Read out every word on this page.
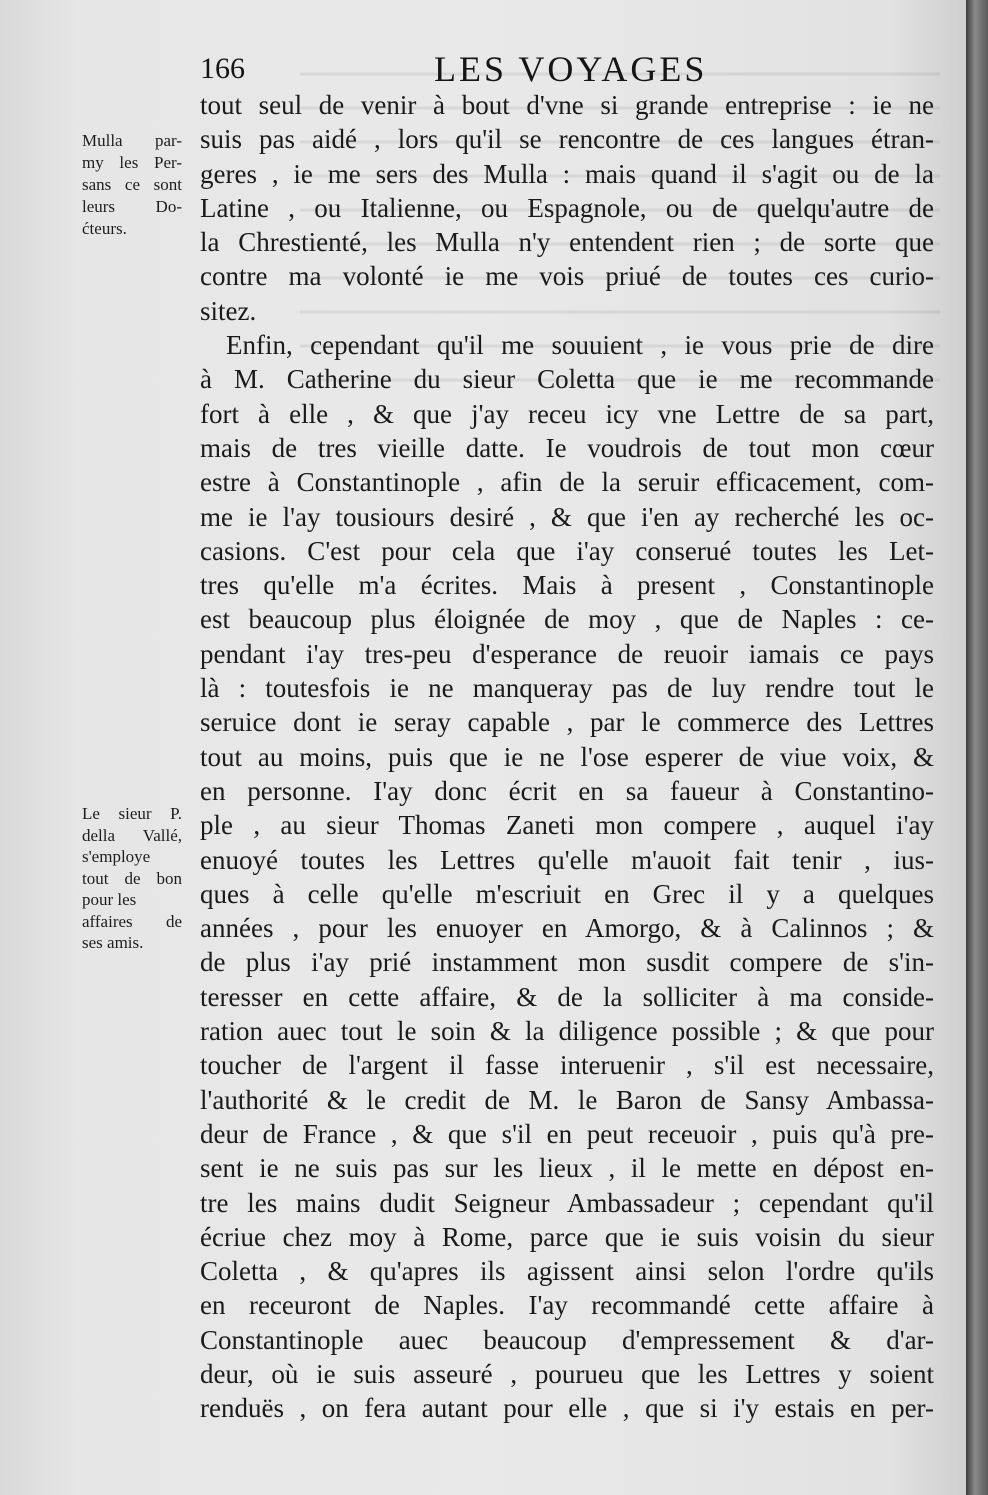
166	LES VOYAGES
Mulla par-
my les Per-
sans ce sont
leurs Do-
ćteurs.
Le sieur P.
della Vallé,
s'employe
tout de bon
pour les
affaires de
ses amis.
tout seul de venir à bout d'vne si grande entreprise : ie ne
suis pas aidé , lors qu'il se rencontre de ces langues étran-
geres , ie me sers des Mulla : mais quand il s'agit ou de la
Latine , ou Italienne, ou Espagnole, ou de quelqu'autre de
la Chrestienté, les Mulla n'y entendent rien ; de sorte que
contre ma volonté ie me vois priué de toutes ces curio-
sitez.
Enfin, cependant qu'il me souuient , ie vous prie de dire
à M. Catherine du sieur Coletta que ie me recommande
fort à elle , & que j'ay receu icy vne Lettre de sa part,
mais de tres vieille datte. Ie voudrois de tout mon cœur
estre à Constantinople , afin de la seruir efficacement, com-
me ie l'ay tousiours desiré , & que i'en ay recherché les oc-
casions. C'est pour cela que i'ay conserué toutes les Let-
tres qu'elle m'a écrites. Mais à present , Constantinople
est beaucoup plus éloignée de moy , que de Naples : ce-
pendant i'ay tres-peu d'esperance de reuoir iamais ce pays
là : toutesfois ie ne manqueray pas de luy rendre tout le
seruice dont ie seray capable , par le commerce des Lettres
tout au moins, puis que ie ne l'ose esperer de viue voix, &
en personne. I'ay donc écrit en sa faueur à Constantino-
ple , au sieur Thomas Zaneti mon compere , auquel i'ay
enuoyé toutes les Lettres qu'elle m'auoit fait tenir , ius-
ques à celle qu'elle m'escriuit en Grec il y a quelques
années , pour les enuoyer en Amorgo, & à Calinnos ; &
de plus i'ay prié instamment mon susdit compere de s'in-
teresser en cette affaire, & de la solliciter à ma conside-
ration auec tout le soin & la diligence possible ; & que pour
toucher de l'argent il fasse interuenir , s'il est necessaire,
l'authorité & le credit de M. le Baron de Sansy Ambassa-
deur de France , & que s'il en peut receuoir , puis qu'à pre-
sent ie ne suis pas sur les lieux , il le mette en dépost en-
tre les mains dudit Seigneur Ambassadeur ; cependant qu'il
écriue chez moy à Rome, parce que ie suis voisin du sieur
Coletta , & qu'apres ils agissent ainsi selon l'ordre qu'ils
en receuront de Naples. I'ay recommandé cette affaire à
Constantinople auec beaucoup d'empressement & d'ar-
deur, où ie suis asseuré , pourueu que les Lettres y soient
renduës , on fera autant pour elle , que si i'y estais en per-
